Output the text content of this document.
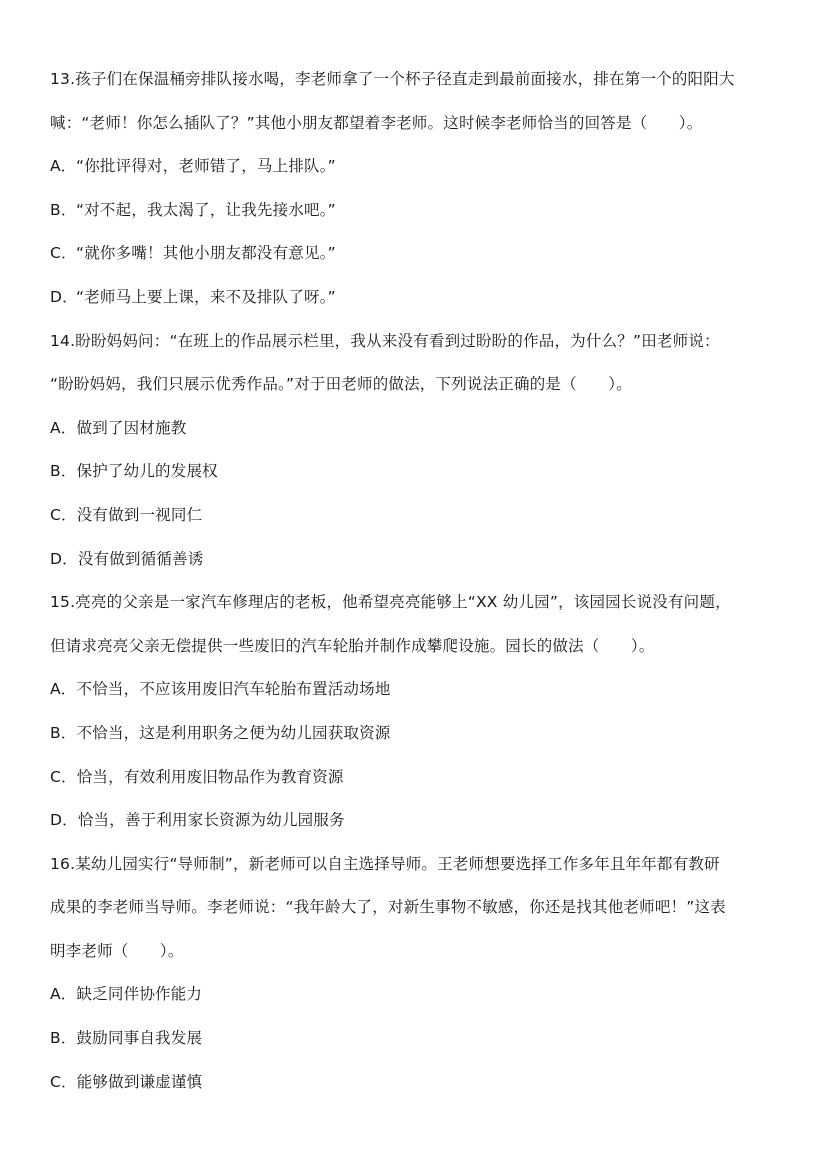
13.孩子们在保温桶旁排队接水喝，李老师拿了一个杯子径直走到最前面接水，排在第一个的阳阳大
喊：“老师！你怎么插队了？”其他小朋友都望着李老师。这时候李老师恰当的回答是（　　）。
A．“你批评得对，老师错了，马上排队。”
B．“对不起，我太渴了，让我先接水吧。”
C．“就你多嘴！其他小朋友都没有意见。”
D．“老师马上要上课，来不及排队了呀。”
14.盼盼妈妈问：“在班上的作品展示栏里，我从来没有看到过盼盼的作品，为什么？”田老师说：
“盼盼妈妈，我们只展示优秀作品。”对于田老师的做法，下列说法正确的是（　　）。
A．做到了因材施教
B．保护了幼儿的发展权
C．没有做到一视同仁
D．没有做到循循善诱
15.亮亮的父亲是一家汽车修理店的老板，他希望亮亮能够上“XX 幼儿园”，该园园长说没有问题，
但请求亮亮父亲无偿提供一些废旧的汽车轮胎并制作成攀爬设施。园长的做法（　　）。
A．不恰当，不应该用废旧汽车轮胎布置活动场地
B．不恰当，这是利用职务之便为幼儿园获取资源
C．恰当，有效利用废旧物品作为教育资源
D．恰当，善于利用家长资源为幼儿园服务
16.某幼儿园实行“导师制”，新老师可以自主选择导师。王老师想要选择工作多年且年年都有教研
成果的李老师当导师。李老师说：“我年龄大了，对新生事物不敏感，你还是找其他老师吧！”这表
明李老师（　　）。
A．缺乏同伴协作能力
B．鼓励同事自我发展
C．能够做到谦虚谨慎
